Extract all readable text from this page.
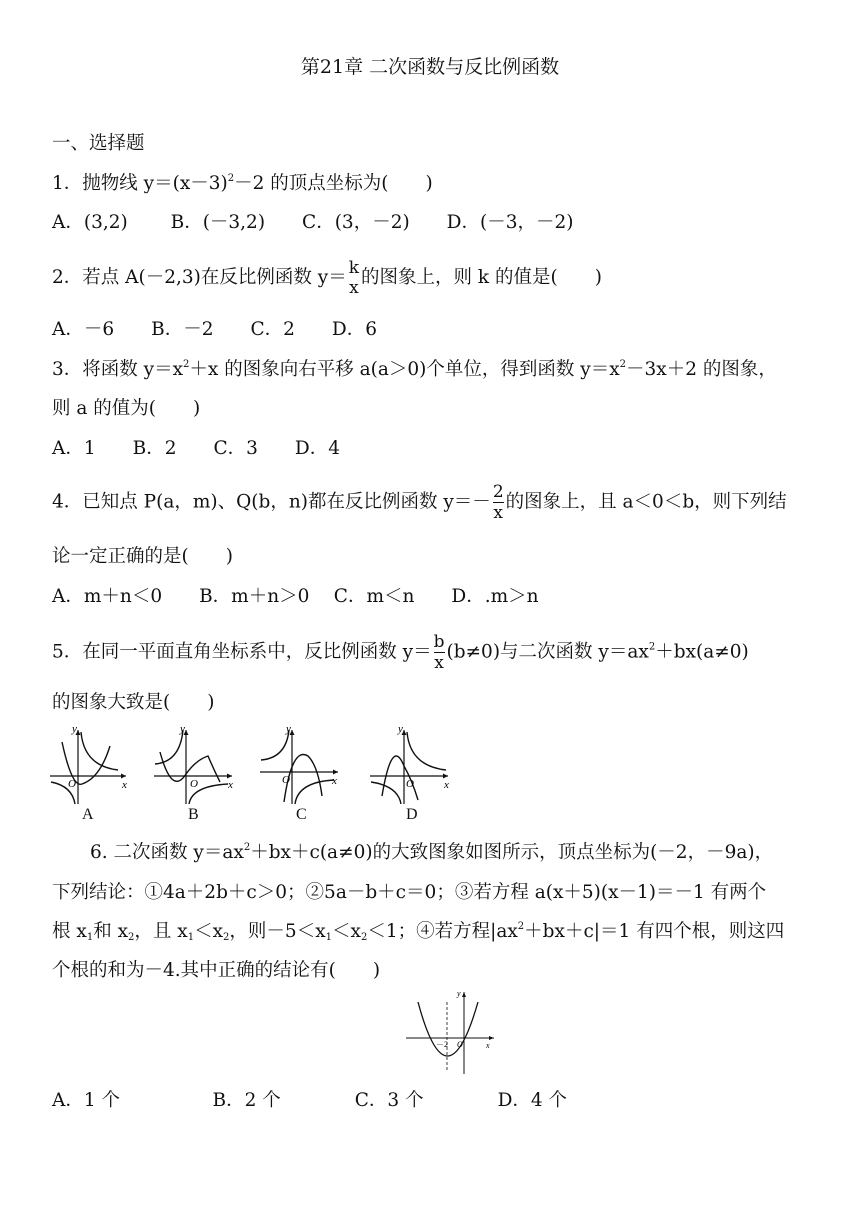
第21章 二次函数与反比例函数
一、选择题
1．抛物线 $y=(x-3)^2-2$ 的顶点坐标为(　　)
A．(3,2)　　 B．(－3,2)　　C．(3，－2)　　D．(－3，－2)
2．若点 A(－2,3)在反比例函数 y＝ k
x 的图象上，则 k 的值是(　　)
A．－6　　B．－2　　C．2　　D．6
3．将函数 $y=x^2+x$ 的图象向右平移 a(a＞0)个单位，得到函数 $y=x^2-3x+2$ 的图象，
则 a 的值为(　　)
A．1　　B．2　　C．3　　D．4
4．已知点 P(a，m)、Q(b，n)都在反比例函数 $y=- \frac{2}{x}$ 的图象上，且 a＜0＜b，则下列结
论一定正确的是(　　)
A．m＋n＜0　　B．m＋n＞0　 C．m＜n　　D．.m＞n
5．在同一平面直角坐标系中，反比例函数 $y= \frac{b}{x} (b\ne 0)$与二次函数 $y=ax^2+bx(a\ne 0)$
的图象大致是(　　)
y
x
O
A
y
x
O
B
y
x
O
C
y
x
O
D
6. 二次函数 $y=ax^2+bx+c(a\ne 0)$的大致图象如图所示，顶点坐标为(－2，－9a)，
下列结论：①4a＋2b＋c＞0；②5a－b＋c＝0；③若方程 a(x＋5)(x－1)＝－1 有两个
根 $x_1$和 $x_2$，且 $x_1<x_2$，则$-5<x_1<x_2<1$；④若方程$|ax^2+bx+c|=1$ 有四个根，则这四
个根的和为－4.其中正确的结论有(　　)
y
x
O
－2
A．1 个　　　　　B．2 个　　　　C．3 个　　　　D．4 个
